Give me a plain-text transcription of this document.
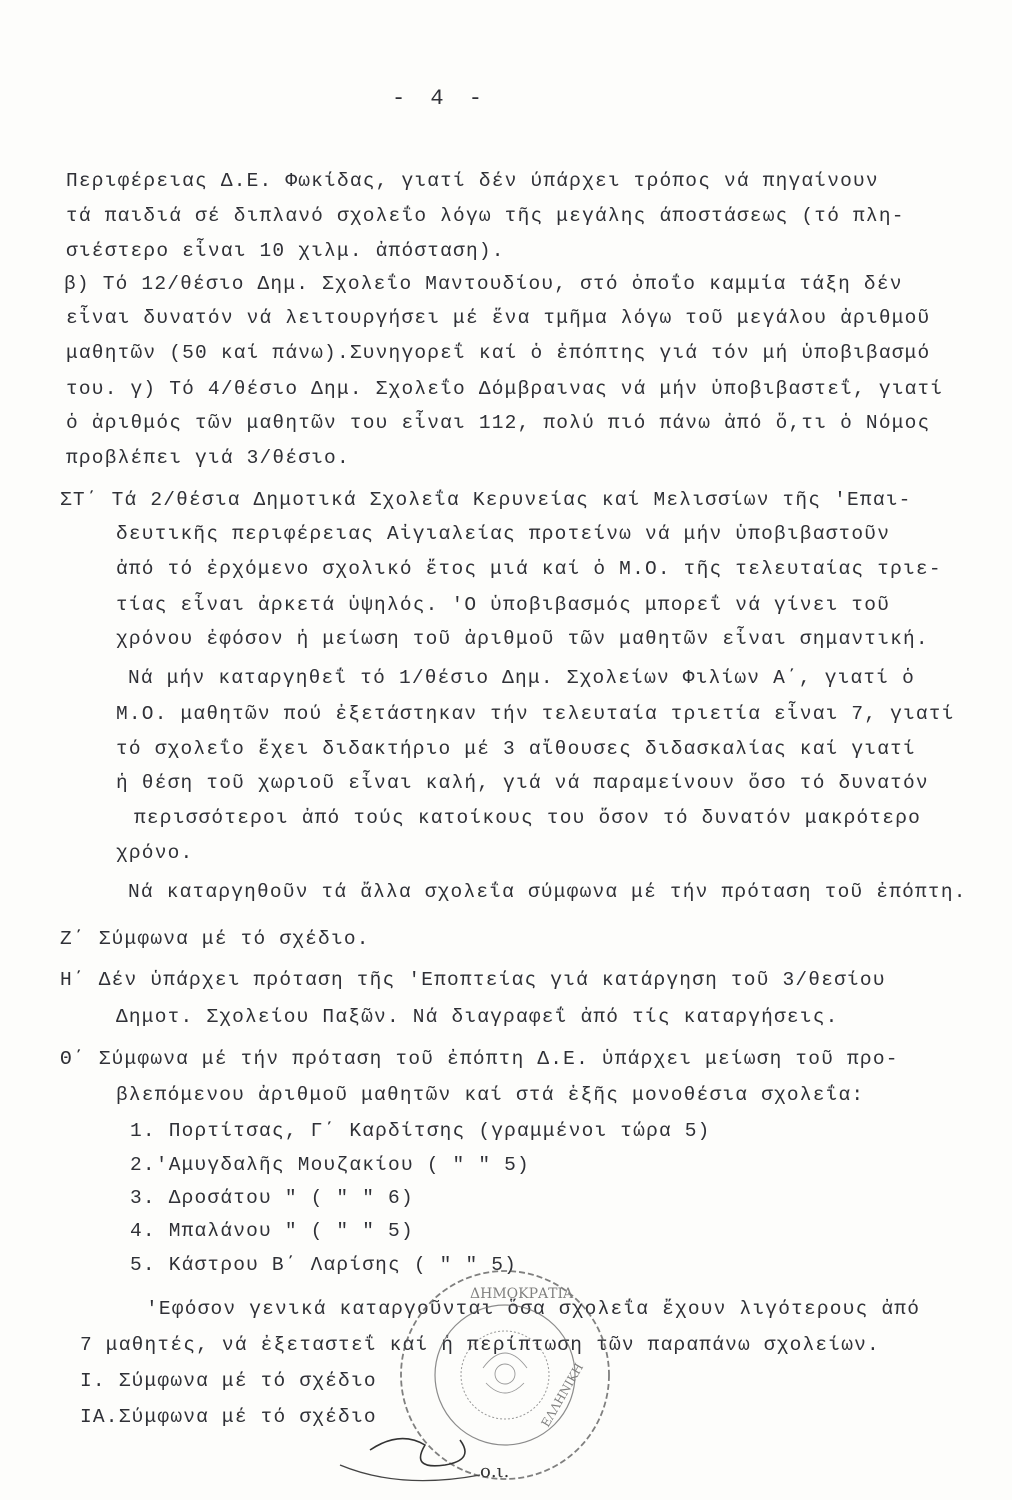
- 4 -
Περιφέρειας Δ.Ε. Φωκίδας, γιατί δέν ύπάρχει τρόπος νά πηγαίνουν
τά παιδιά σέ διπλανό σχολεΐο λόγω τῆς μεγάλης άποστάσεως (τό πλη-
σιέστερο εἶναι 10 χιλμ. ἀπόσταση).
β) Τό 12/θέσιο Δημ. Σχολεΐο Μαντουδίου, στό ὁποΐο καμμία τάξη δέν
εἶναι δυνατόν νά λειτουργήσει μέ ἕνα τμῆμα λόγω τοῦ μεγάλου ἀριθμοῦ
μαθητῶν (50 καί πάνω).Συνηγορεΐ καί ὁ ἐπόπτης γιά τόν μή ὑποβιβασμό
του. γ) Τό 4/θέσιο Δημ. Σχολεΐο Δόμβραινας νά μήν ὑποβιβαστεΐ, γιατί
ὁ ἀριθμός τῶν μαθητῶν του εἶναι 112, πολύ πιό πάνω ἀπό ὅ,τι ὁ Νόμος
προβλέπει γιά 3/θέσιο.
ΣΤ΄ Τά 2/θέσια Δημοτικά Σχολεΐα Κερυνείας καί Μελισσίων τῆς 'Επαι-
δευτικῆς περιφέρειας Αἰγιαλείας προτείνω νά μήν ὑποβιβαστοῦν
ἀπό τό ἐρχόμενο σχολικό ἔτος μιά καί ὁ Μ.Ο. τῆς τελευταίας τριε-
τίας εἶναι ἀρκετά ὑψηλός. 'Ο ὑποβιβασμός μπορεΐ νά γίνει τοῦ
χρόνου ἐφόσον ἡ μείωση τοῦ ἀριθμοῦ τῶν μαθητῶν εἶναι σημαντική.
Νά μήν καταργηθεΐ τό 1/θέσιο Δημ. Σχολείων Φιλίων Α΄, γιατί ὁ
Μ.Ο. μαθητῶν πού ἐξετάστηκαν τήν τελευταία τριετία εἶναι 7, γιατί
τό σχολεΐο ἔχει διδακτήριο μέ 3 αἴθουσες διδασκαλίας καί γιατί
ἡ θέση τοῦ χωριοῦ εἶναι καλή, γιά νά παραμείνουν ὅσο τό δυνατόν
περισσότεροι ἀπό τούς κατοίκους του ὅσον τό δυνατόν μακρότερο
χρόνο.
Νά καταργηθοῦν τά ἄλλα σχολεΐα σύμφωνα μέ τήν πρόταση τοῦ ἐπόπτη.
Ζ΄ Σύμφωνα μέ τό σχέδιο.
Η΄ Δέν ὑπάρχει πρόταση τῆς 'Εποπτείας γιά κατάργηση τοῦ 3/θεσίου
Δημοτ. Σχολείου Παξῶν. Νά διαγραφεΐ ἀπό τίς καταργήσεις.
Θ΄ Σύμφωνα μέ τήν πρόταση τοῦ ἐπόπτη Δ.Ε. ὑπάρχει μείωση τοῦ προ-
βλεπόμενου ἀριθμοῦ μαθητῶν καί στά ἑξῆς μονοθέσια σχολεΐα:
1. Πορτίτσας, Γ΄ Καρδίτσης (γραμμένοι τώρα 5)
2.'Αμυγδαλῆς Μουζακίου ( " " 5)
3. Δροσάτου " ( " " 6)
4. Μπαλάνου " ( " " 5)
5. Κάστρου Β΄ Λαρίσης ( " " 5)
'Εφόσον γενικά καταργοῦνται ὅσα σχολεΐα ἔχουν λιγότερους ἀπό
7 μαθητές, νά ἐξεταστεΐ καί ἡ περίπτωση τῶν παραπάνω σχολείων.
Ι. Σύμφωνα μέ τό σχέδιο
ΙΑ.Σύμφωνα μέ τό σχέδιο
ΔΗΜΟΚΡΑΤΙΑ
ΕΛΛΗΝΙΚΗ
ο.ι.
